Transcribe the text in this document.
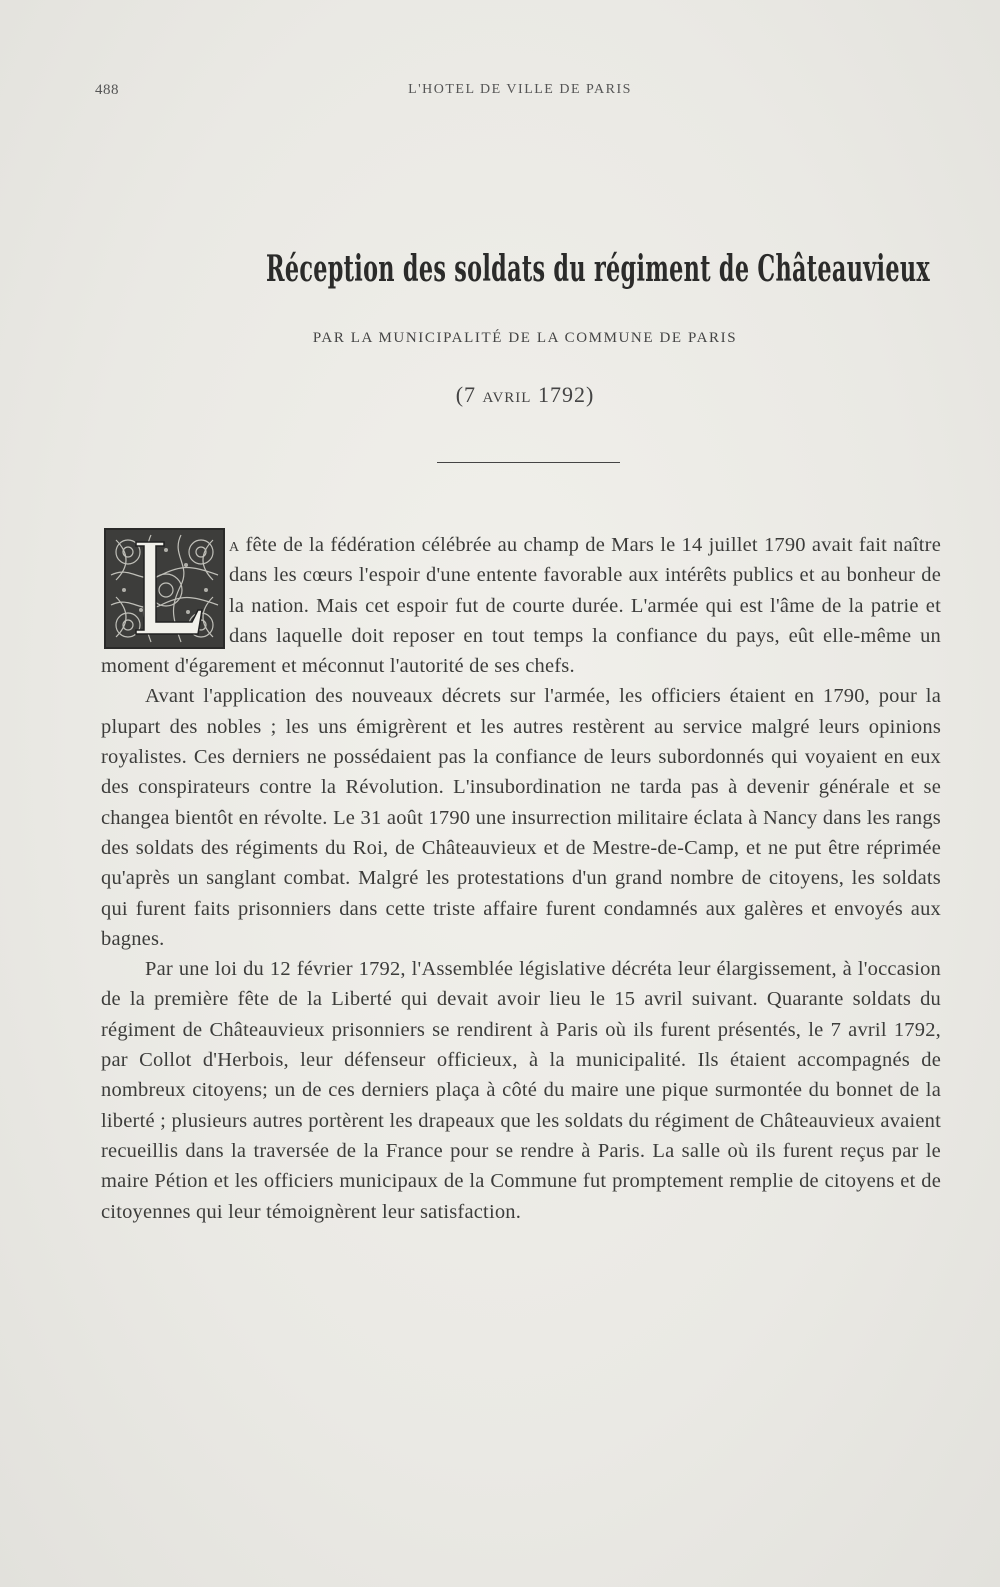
488	L'HOTEL DE VILLE DE PARIS
Réception des soldats du régiment de Châteauvieux
PAR LA MUNICIPALITÉ DE LA COMMUNE DE PARIS
(7 avril 1792)

a fête de la fédération célébrée au champ de Mars le 14 juillet 1790 avait fait naître dans les cœurs l'espoir d'une entente favorable aux intérêts publics et au bonheur de la nation. Mais cet espoir fut de courte durée. L'armée qui est l'âme de la patrie et dans laquelle doit reposer en tout temps la confiance du pays, eût elle-même un moment d'égarement et méconnut l'autorité de ses chefs.

Avant l'application des nouveaux décrets sur l'armée, les officiers étaient en 1790, pour la plupart des nobles ; les uns émigrèrent et les autres restèrent au service malgré leurs opinions royalistes. Ces derniers ne possédaient pas la confiance de leurs subordonnés qui voyaient en eux des conspirateurs contre la Révolution. L'insubordination ne tarda pas à devenir générale et se changea bientôt en révolte. Le 31 août 1790 une insurrection militaire éclata à Nancy dans les rangs des soldats des régiments du Roi, de Châteauvieux et de Mestre-de-Camp, et ne put être réprimée qu'après un sanglant combat. Malgré les protestations d'un grand nombre de citoyens, les soldats qui furent faits prisonniers dans cette triste affaire furent condamnés aux galères et envoyés aux bagnes.

Par une loi du 12 février 1792, l'Assemblée législative décréta leur élargissement, à l'occasion de la première fête de la Liberté qui devait avoir lieu le 15 avril suivant. Quarante soldats du régiment de Châteauvieux prisonniers se rendirent à Paris où ils furent présentés, le 7 avril 1792, par Collot d'Herbois, leur défenseur officieux, à la municipalité. Ils étaient accompagnés de nombreux citoyens; un de ces derniers plaça à côté du maire une pique surmontée du bonnet de la liberté ; plusieurs autres portèrent les drapeaux que les soldats du régiment de Châteauvieux avaient recueillis dans la traversée de la France pour se rendre à Paris. La salle où ils furent reçus par le maire Pétion et les officiers municipaux de la Commune fut promptement remplie de citoyens et de citoyennes qui leur témoignèrent leur satisfaction.
